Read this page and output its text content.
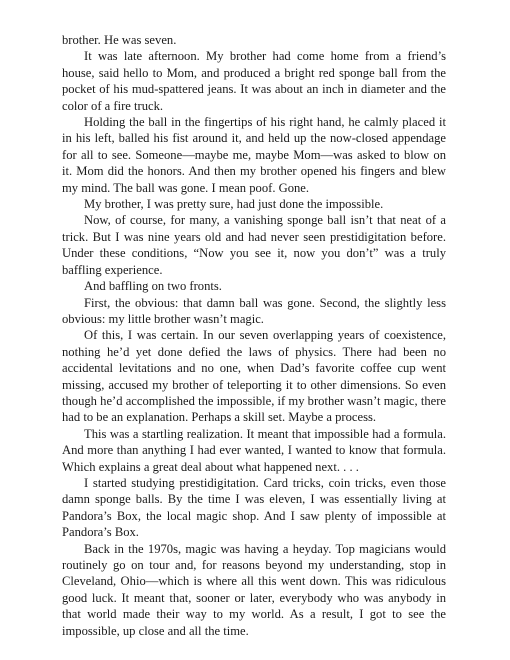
brother. He was seven.

It was late afternoon. My brother had come home from a friend’s house, said hello to Mom, and produced a bright red sponge ball from the pocket of his mud-spattered jeans. It was about an inch in diameter and the color of a fire truck.

Holding the ball in the fingertips of his right hand, he calmly placed it in his left, balled his fist around it, and held up the now-closed appendage for all to see. Someone—maybe me, maybe Mom—was asked to blow on it. Mom did the honors. And then my brother opened his fingers and blew my mind. The ball was gone. I mean poof. Gone.

My brother, I was pretty sure, had just done the impossible.

Now, of course, for many, a vanishing sponge ball isn’t that neat of a trick. But I was nine years old and had never seen prestidigitation before. Under these conditions, “Now you see it, now you don’t” was a truly baffling experience.

And baffling on two fronts.

First, the obvious: that damn ball was gone. Second, the slightly less obvious: my little brother wasn’t magic.

Of this, I was certain. In our seven overlapping years of coexistence, nothing he’d yet done defied the laws of physics. There had been no accidental levitations and no one, when Dad’s favorite coffee cup went missing, accused my brother of teleporting it to other dimensions. So even though he’d accomplished the impossible, if my brother wasn’t magic, there had to be an explanation. Perhaps a skill set. Maybe a process.

This was a startling realization. It meant that impossible had a formula. And more than anything I had ever wanted, I wanted to know that formula. Which explains a great deal about what happened next. . . .

I started studying prestidigitation. Card tricks, coin tricks, even those damn sponge balls. By the time I was eleven, I was essentially living at Pandora’s Box, the local magic shop. And I saw plenty of impossible at Pandora’s Box.

Back in the 1970s, magic was having a heyday. Top magicians would routinely go on tour and, for reasons beyond my understanding, stop in Cleveland, Ohio—which is where all this went down. This was ridiculous good luck. It meant that, sooner or later, everybody who was anybody in that world made their way to my world. As a result, I got to see the impossible, up close and all the time.
